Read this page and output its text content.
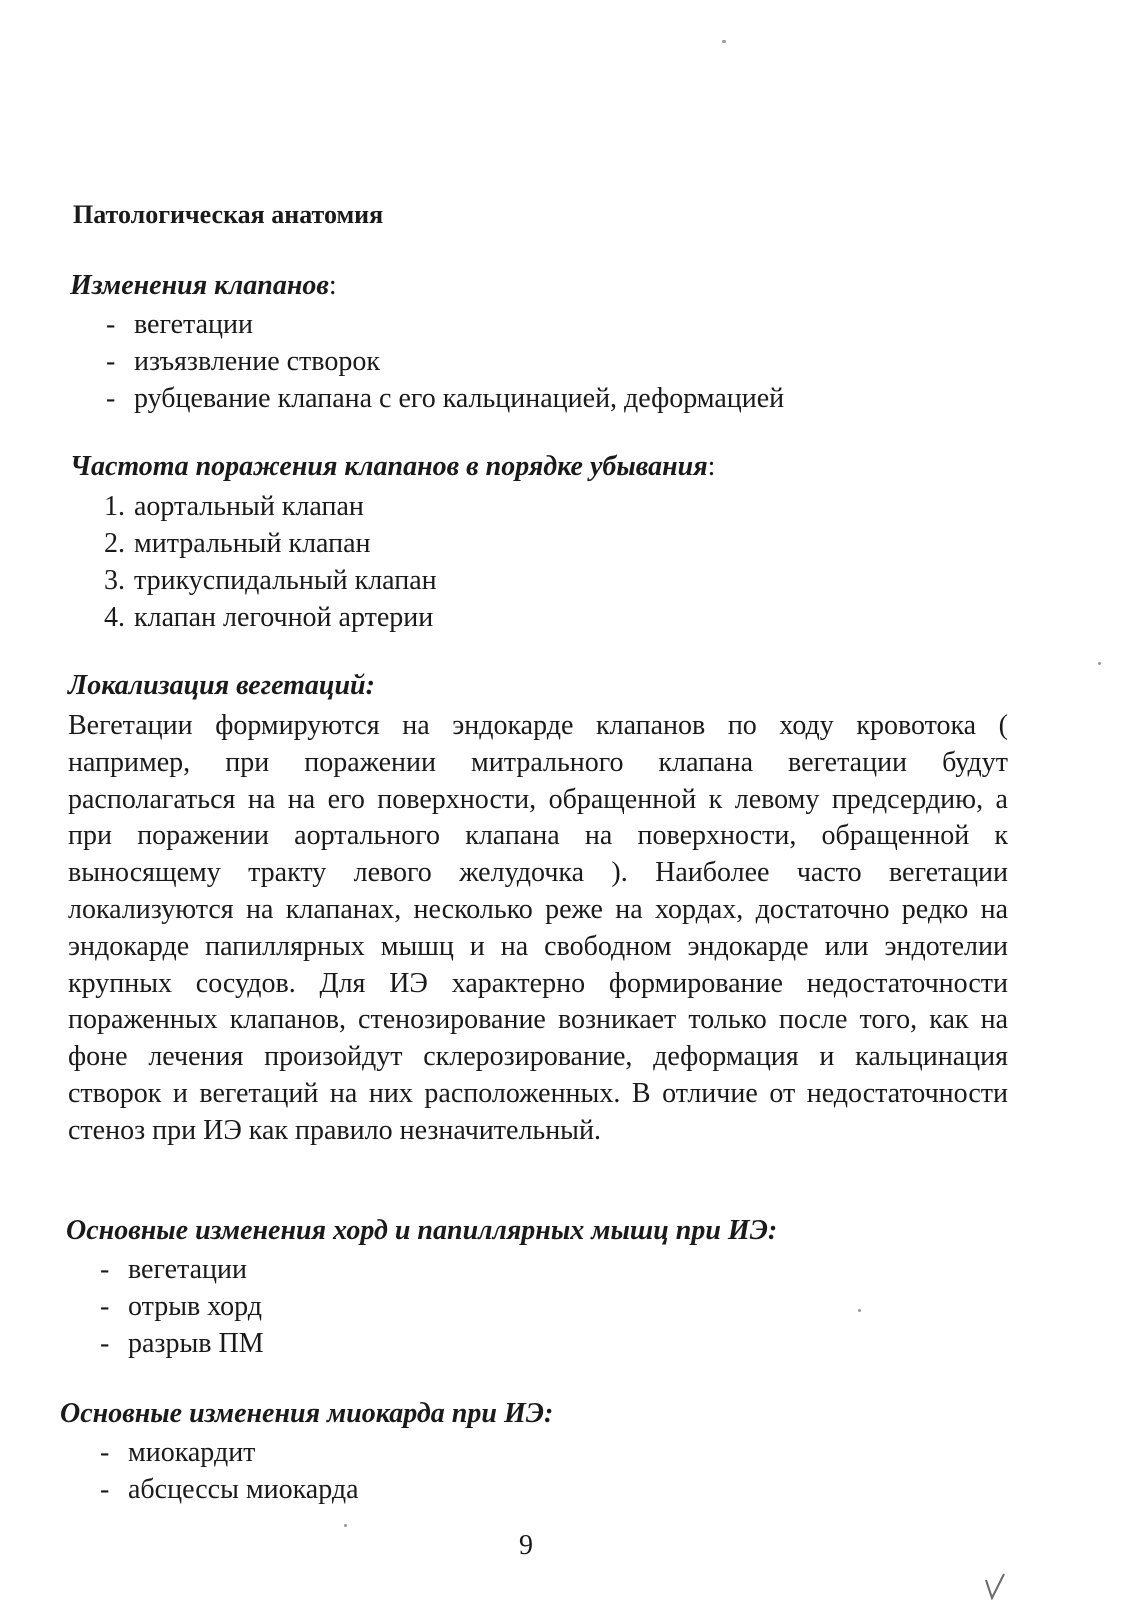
Патологическая анатомия

Изменения клапанов:

- вегетации
- изъязвление створок
- рубцевание клапана с его кальцинацией, деформацией

Частота поражения клапанов в порядке убывания:

1. аортальный клапан
2. митральный клапан
3. трикуспидальный клапан
4. клапан легочной артерии

Локализация вегетаций:

Вегетации формируются на эндокарде клапанов по ходу кровотока ( например, при поражении митрального клапана вегетации будут располагаться на на его поверхности, обращенной к левому предсердию, а при поражении аортального клапана на поверхности, обращенной к выносящему тракту левого желудочка ). Наиболее часто вегетации локализуются на клапанах, несколько реже на хордах, достаточно редко на эндокарде папиллярных мышц и на свободном эндокарде или эндотелии крупных сосудов. Для ИЭ характерно формирование недостаточности пораженных клапанов, стенозирование возникает только после того, как на фоне лечения произойдут склерозирование, деформация и кальцинация створок и вегетаций на них расположенных. В отличие от недостаточности стеноз при ИЭ как правило незначительный.

Основные изменения хорд и папиллярных мышц при ИЭ:

- вегетации
- отрыв хорд
- разрыв ПМ

Основные изменения миокарда при ИЭ:

- миокардит
- абсцессы миокарда

9
